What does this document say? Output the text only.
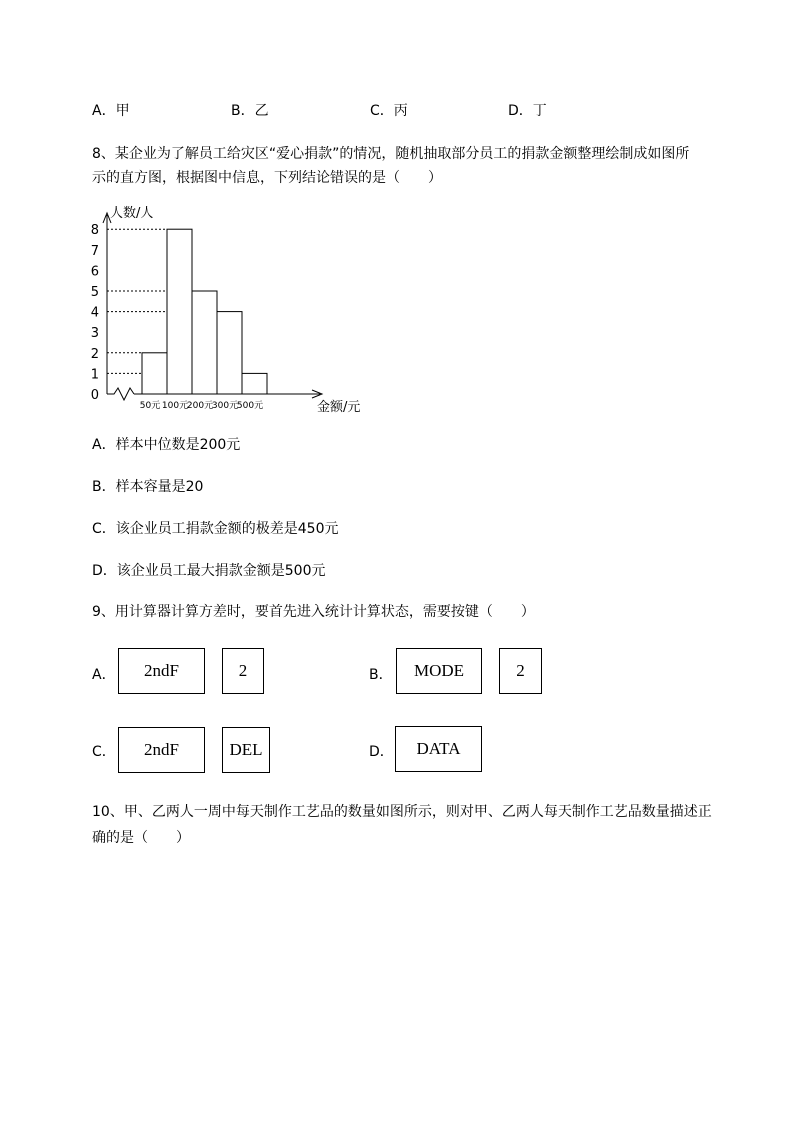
A．甲	B．乙	C．丙	D．丁
8、某企业为了解员工给灾区“爱心捐款”的情况，随机抽取部分员工的捐款金额整理绘制成如图所
示的直方图，根据图中信息，下列结论错误的是（　　）
0
1
2
3
4
5
6
7
8
50元 100元
200元
300元
500元
人数/人
金额/元
A．样本中位数是200元
B．样本容量是20
C．该企业员工捐款金额的极差是450元
D．该企业员工最大捐款金额是500元
9、用计算器计算方差时，要首先进入统计计算状态，需要按键（　　）
A．	2ndF	2	B．	MODE	2
C．	2ndF	DEL	D．	DATA
10、甲、乙两人一周中每天制作工艺品的数量如图所示，则对甲、乙两人每天制作工艺品数量描述正
确的是（　　）
